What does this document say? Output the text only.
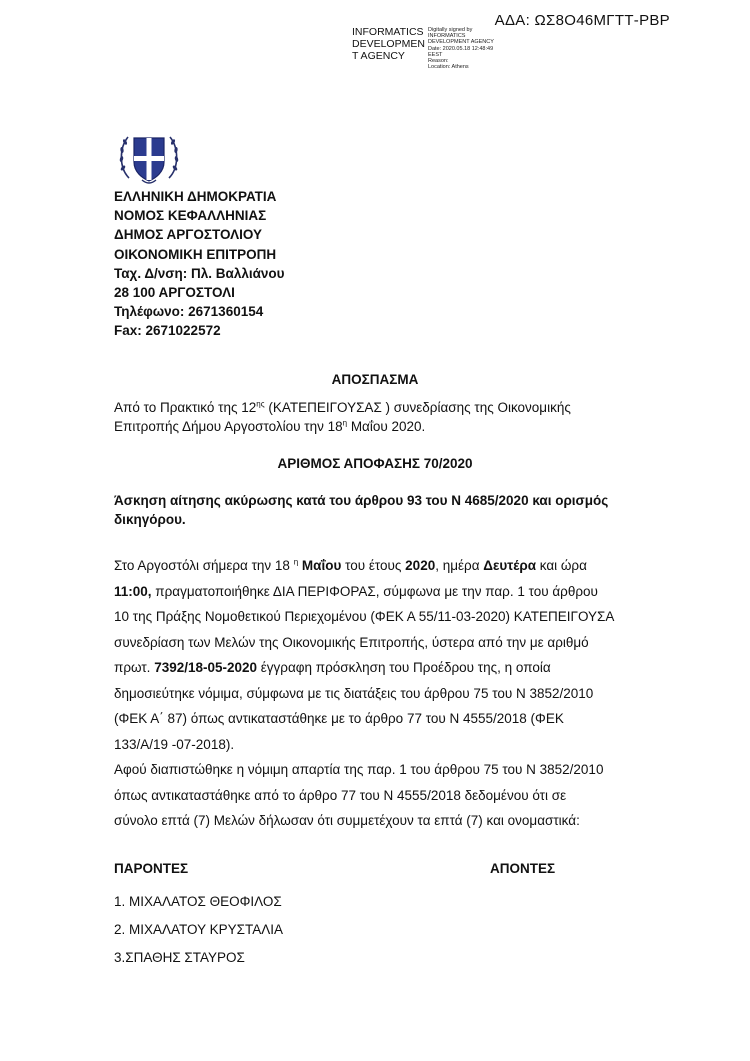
ΑΔΑ: ΩΣ8Ο46ΜΓΤΤ-ΡΒΡ
INFORMATICS
DEVELOPMEN
T AGENCY
Digitally signed by
INFORMATICS
DEVELOPMENT AGENCY
Date: 2020.05.18 12:48:49
EEST
Reason:
Location: Athens
ΕΛΛΗΝΙΚΗ ΔΗΜΟΚΡΑΤΙΑ
ΝΟΜΟΣ ΚΕΦΑΛΛΗΝΙΑΣ
ΔΗΜΟΣ ΑΡΓΟΣΤΟΛΙΟΥ
ΟΙΚΟΝΟΜΙΚΗ ΕΠΙΤΡΟΠΗ
Ταχ. Δ/νση: Πλ. Βαλλιάνου
28 100 ΑΡΓΟΣΤΟΛΙ
Τηλέφωνο: 2671360154
Fax: 2671022572
ΑΠΟΣΠΑΣΜΑ
Από το Πρακτικό της $12^{\eta\varsigma}$ (ΚΑΤΕΠΕΙΓΟΥΣΑΣ ) συνεδρίασης της Οικονομικής
Επιτροπής Δήμου Αργοστολίου την $18^\eta$ Μαΐου 2020.
ΑΡΙΘΜΟΣ ΑΠΟΦΑΣΗΣ 70/2020
Άσκηση αίτησης ακύρωσης κατά του άρθρου 93 του Ν 4685/2020 και ορισμός
δικηγόρου.
Στο Αργοστόλι σήμερα την 18 $^\eta$ Μαΐου του έτους 2020, ημέρα Δευτέρα και ώρα
11:00, πραγματοποιήθηκε ΔΙΑ ΠΕΡΙΦΟΡΑΣ, σύμφωνα με την παρ. 1 του άρθρου
10 της Πράξης Νομοθετικού Περιεχομένου (ΦΕΚ Α 55/11-03-2020) ΚΑΤΕΠΕΙΓΟΥΣΑ
συνεδρίαση των Μελών της Οικονομικής Επιτροπής, ύστερα από την με αριθμό
πρωτ. 7392/18-05-2020 έγγραφη πρόσκληση του Προέδρου της, η οποία
δημοσιεύτηκε νόμιμα, σύμφωνα με τις διατάξεις του άρθρου 75 του Ν 3852/2010
(ΦΕΚ Α΄ 87) όπως αντικαταστάθηκε με το άρθρο 77 του Ν 4555/2018 (ΦΕΚ
133/Α/19 -07-2018).
Αφού διαπιστώθηκε η νόμιμη απαρτία της παρ. 1 του άρθρου 75 του Ν 3852/2010
όπως αντικαταστάθηκε από το άρθρο 77 του Ν 4555/2018 δεδομένου ότι σε
σύνολο επτά (7) Μελών δήλωσαν ότι συμμετέχουν τα επτά (7) και ονομαστικά:
ΠΑΡΟΝΤΕΣ	ΑΠΟΝΤΕΣ
1. ΜΙΧΑΛΑΤΟΣ ΘΕΟΦΙΛΟΣ
2. ΜΙΧΑΛΑΤΟΥ ΚΡΥΣΤΑΛΙΑ
3.ΣΠΑΘΗΣ ΣΤΑΥΡΟΣ
